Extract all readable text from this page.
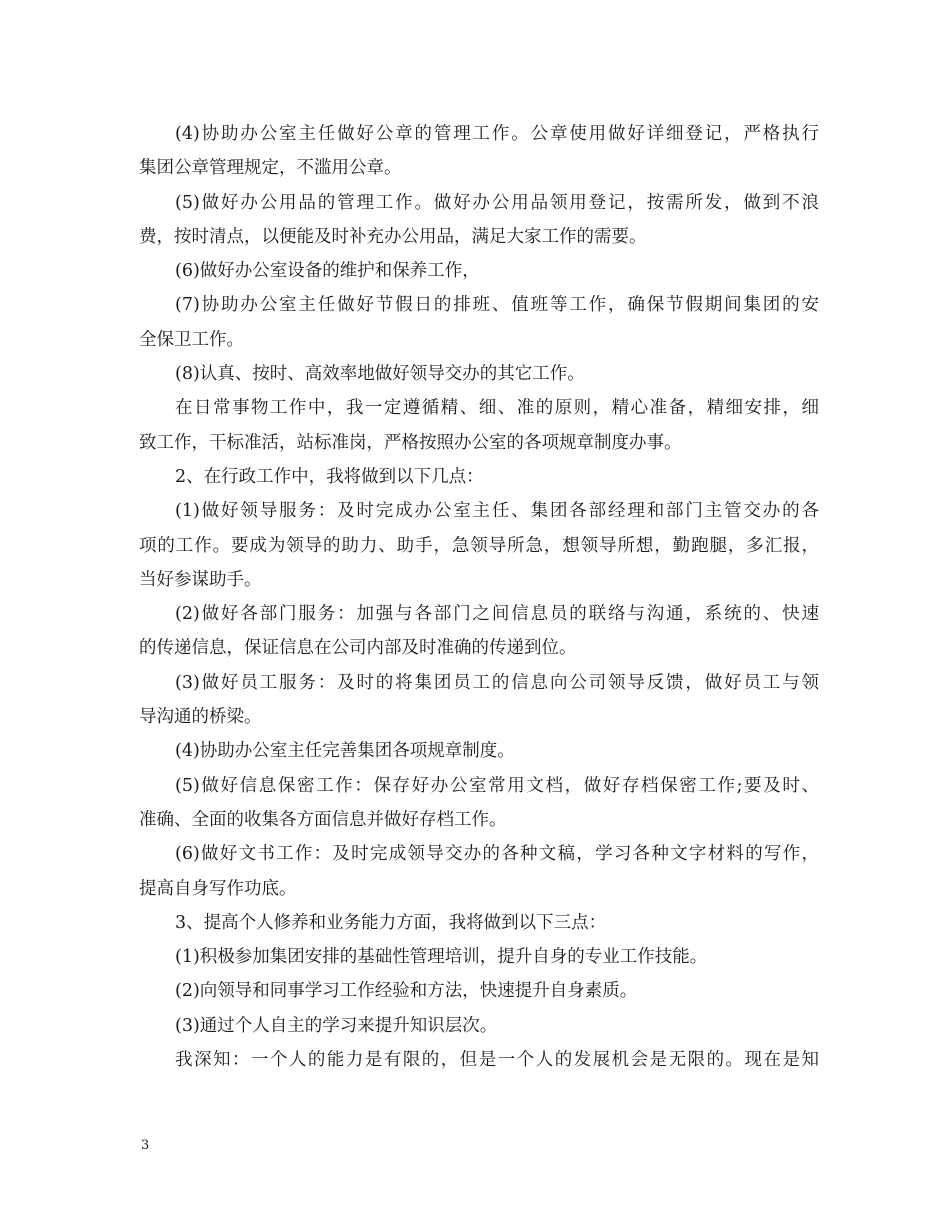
(4)协助办公室主任做好公章的管理工作。公章使用做好详细登记，严格执行
集团公章管理规定，不滥用公章。
(5)做好办公用品的管理工作。做好办公用品领用登记，按需所发，做到不浪
费，按时清点，以便能及时补充办公用品，满足大家工作的需要。
(6)做好办公室设备的维护和保养工作，
(7)协助办公室主任做好节假日的排班、值班等工作，确保节假期间集团的安
全保卫工作。
(8)认真、按时、高效率地做好领导交办的其它工作。
在日常事物工作中，我一定遵循精、细、准的原则，精心准备，精细安排，细
致工作，干标准活，站标准岗，严格按照办公室的各项规章制度办事。
2、在行政工作中，我将做到以下几点：
(1)做好领导服务：及时完成办公室主任、集团各部经理和部门主管交办的各
项的工作。要成为领导的助力、助手，急领导所急，想领导所想，勤跑腿，多汇报，
当好参谋助手。
(2)做好各部门服务：加强与各部门之间信息员的联络与沟通，系统的、快速
的传递信息，保证信息在公司内部及时准确的传递到位。
(3)做好员工服务：及时的将集团员工的信息向公司领导反馈，做好员工与领
导沟通的桥梁。
(4)协助办公室主任完善集团各项规章制度。
(5)做好信息保密工作：保存好办公室常用文档，做好存档保密工作;要及时、
准确、全面的收集各方面信息并做好存档工作。
(6)做好文书工作：及时完成领导交办的各种文稿，学习各种文字材料的写作，
提高自身写作功底。
3、提高个人修养和业务能力方面，我将做到以下三点：
(1)积极参加集团安排的基础性管理培训，提升自身的专业工作技能。
(2)向领导和同事学习工作经验和方法，快速提升自身素质。
(3)通过个人自主的学习来提升知识层次。
我深知：一个人的能力是有限的，但是一个人的发展机会是无限的。现在是知
3
